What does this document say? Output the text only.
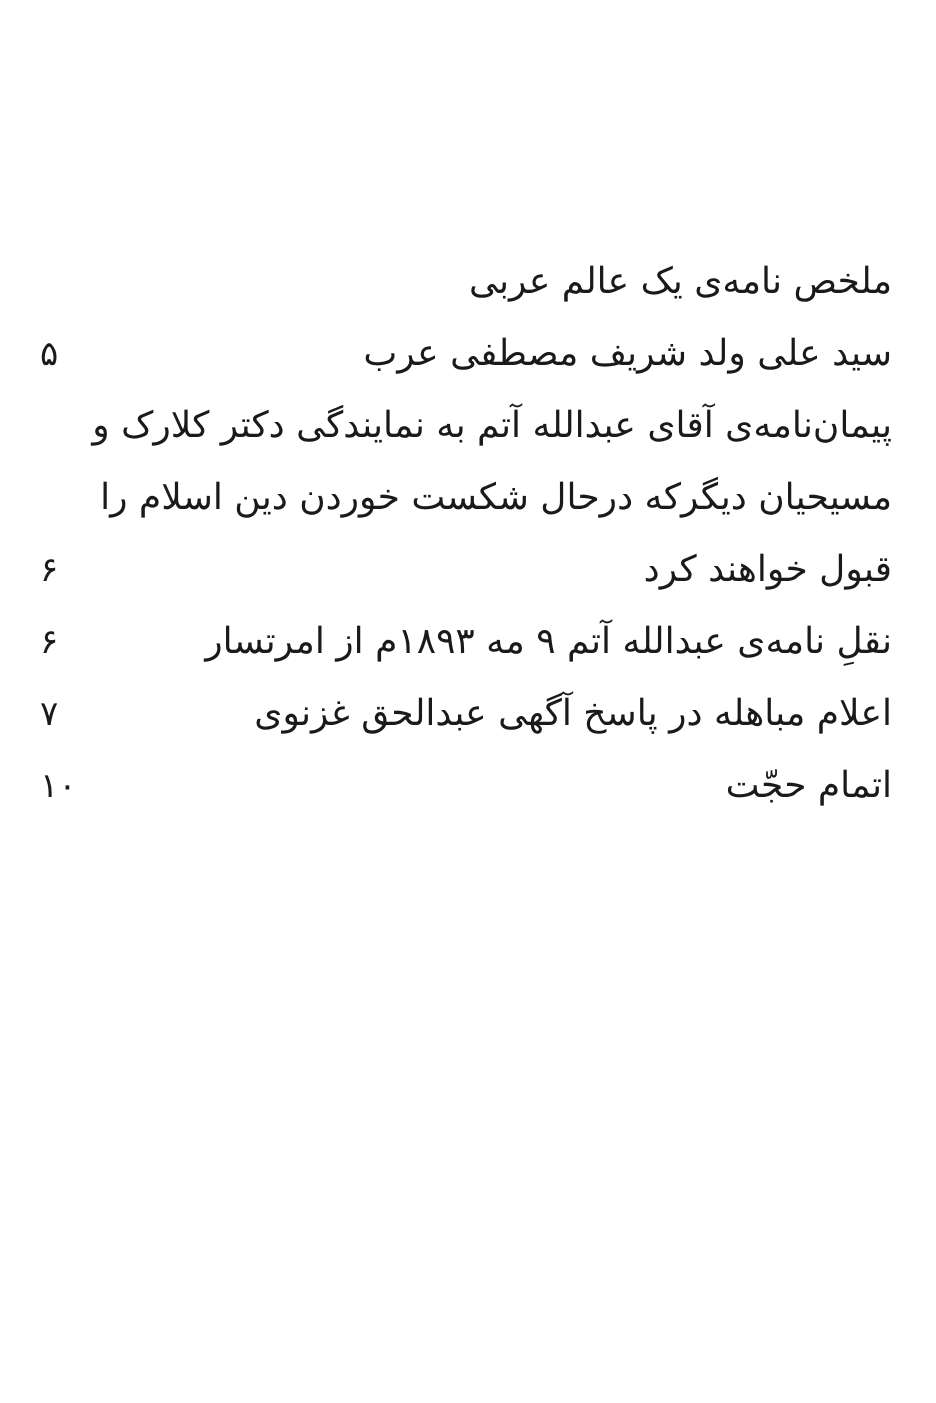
ملخص نامه‌ی یک عالم عربی
سید علی ولد شریف مصطفی عرب
۵
پیمان‌نامه‌ی آقای عبدالله آتم به نمایندگی دکتر کلارک و
مسیحیان دیگرکه درحال شکست خوردن دین اسلام را
قبول خواهند کرد
۶
نقلِ نامه‌ی عبدالله آتم ۹ مه ۱۸۹۳م از امرتسار
۶
اعلام مباهله در پاسخ آگهی عبدالحق غزنوی
۷
اتمام حجّت
۱۰
